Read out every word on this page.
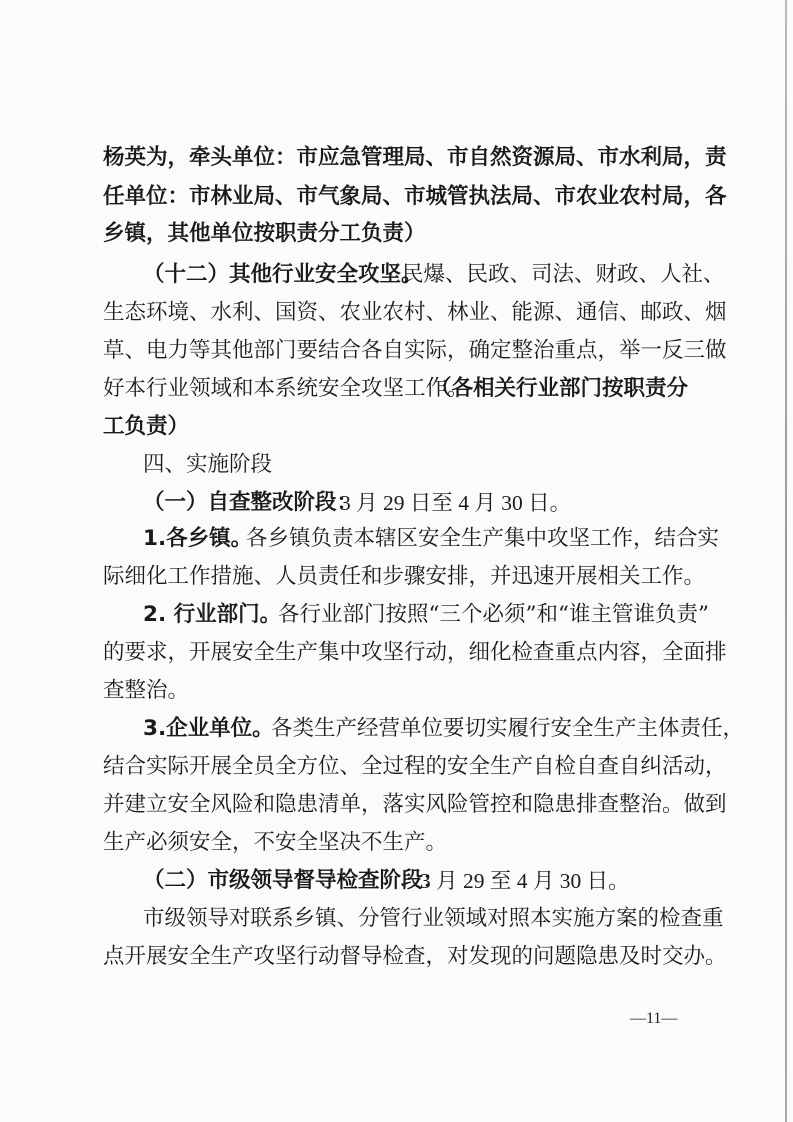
杨英为，牵头单位：市应急管理局、市自然资源局、市水利局，责
任单位：市林业局、市气象局、市城管执法局、市农业农村局，各
乡镇，其他单位按职责分工负责）
（十二）其他行业安全攻坚。
民爆、民政、司法、财政、人社、
生态环境、水利、国资、农业农村、林业、能源、通信、邮政、烟
草、电力等其他部门要结合各自实际，确定整治重点，举一反三做
好本行业领域和本系统安全攻坚工作。
（各相关行业部门按职责分
工负责）
四、实施阶段
（一）自查整改阶段：
3 月 29 日至 4 月 30 日。
1.各乡镇。
各乡镇负责本辖区安全生产集中攻坚工作，结合实
际细化工作措施、人员责任和步骤安排，并迅速开展相关工作。
2. 行业部门。
各行业部门按照“三个必须”和“谁主管谁负责”
的要求，开展安全生产集中攻坚行动，细化检查重点内容，全面排
查整治。
3.企业单位。
各类生产经营单位要切实履行安全生产主体责任，
结合实际开展全员全方位、全过程的安全生产自检自查自纠活动，
并建立安全风险和隐患清单，落实风险管控和隐患排查整治。做到
生产必须安全，不安全坚决不生产。
（二）市级领导督导检查阶段：
3 月 29 至 4 月 30 日。
市级领导对联系乡镇、分管行业领域对照本实施方案的检查重
点开展安全生产攻坚行动督导检查，对发现的问题隐患及时交办。
—11—
